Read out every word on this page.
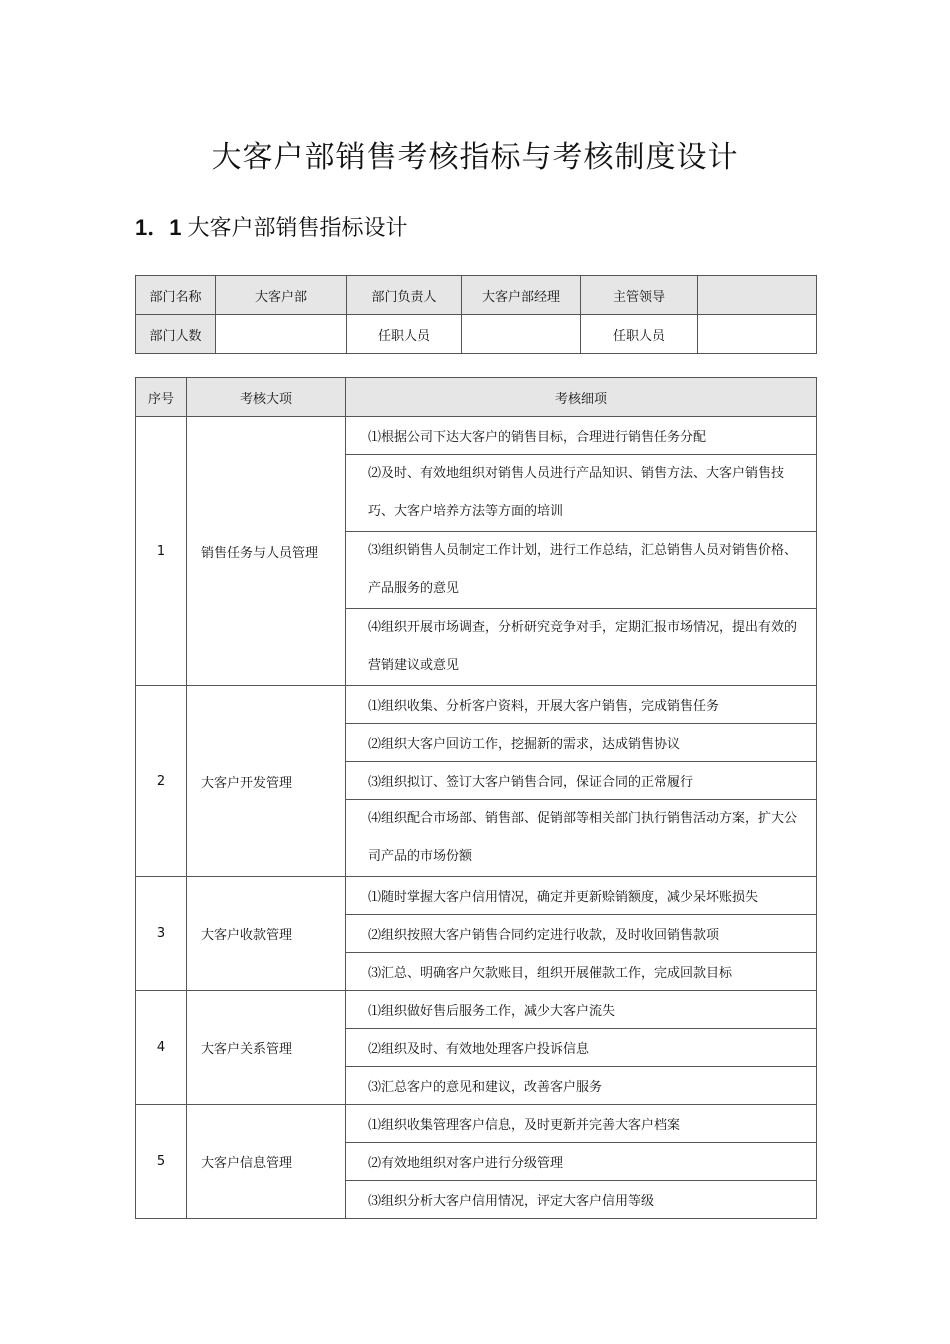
大客户部销售考核指标与考核制度设计
1．1 大客户部销售指标设计
部门名称	大客户部	部门负责人	大客户部经理	主管领导	
部门人数		任职人员		任职人员	
序号	考核大项	考核细项
1	销售任务与人员管理	⑴根据公司下达大客户的销售目标，合理进行销售任务分配
		⑵及时、有效地组织对销售人员进行产品知识、销售方法、大客户销售技巧、大客户培养方法等方面的培训
		⑶组织销售人员制定工作计划，进行工作总结，汇总销售人员对销售价格、产品服务的意见
		⑷组织开展市场调查，分析研究竞争对手，定期汇报市场情况，提出有效的营销建议或意见
2	大客户开发管理	⑴组织收集、分析客户资料，开展大客户销售，完成销售任务
		⑵组织大客户回访工作，挖掘新的需求，达成销售协议
		⑶组织拟订、签订大客户销售合同，保证合同的正常履行
		⑷组织配合市场部、销售部、促销部等相关部门执行销售活动方案，扩大公司产品的市场份额
3	大客户收款管理	⑴随时掌握大客户信用情况，确定并更新赊销额度，减少呆坏账损失
		⑵组织按照大客户销售合同约定进行收款，及时收回销售款项
		⑶汇总、明确客户欠款账目，组织开展催款工作，完成回款目标
4	大客户关系管理	⑴组织做好售后服务工作，减少大客户流失
		⑵组织及时、有效地处理客户投诉信息
		⑶汇总客户的意见和建议，改善客户服务
5	大客户信息管理	⑴组织收集管理客户信息，及时更新并完善大客户档案
		⑵有效地组织对客户进行分级管理
		⑶组织分析大客户信用情况，评定大客户信用等级
